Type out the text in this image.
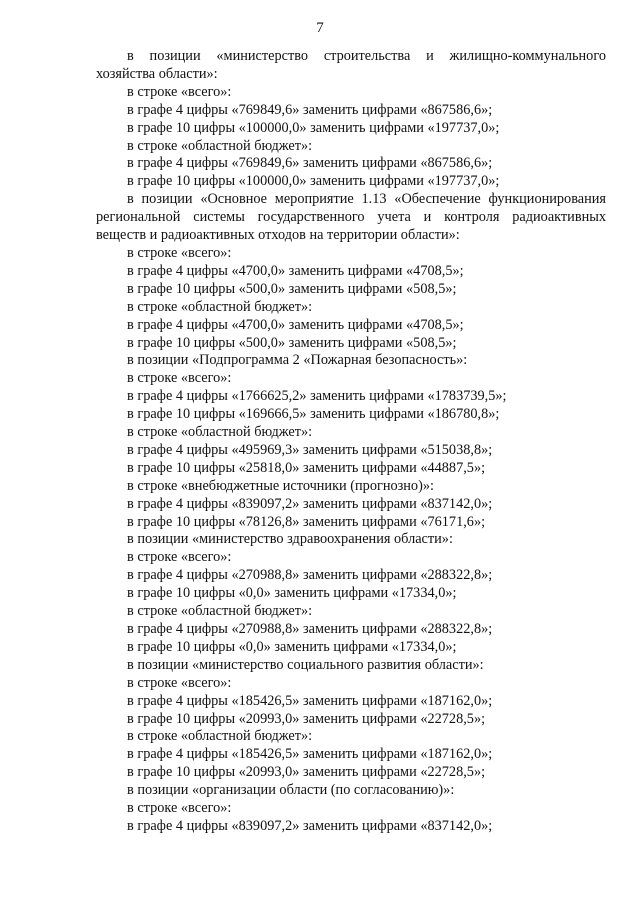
7
в позиции «министерство строительства и жилищно-коммунального
хозяйства области»:
в строке «всего»:
в графе 4 цифры «769849,6» заменить цифрами «867586,6»;
в графе 10 цифры «100000,0» заменить цифрами «197737,0»;
в строке «областной бюджет»:
в графе 4 цифры «769849,6» заменить цифрами «867586,6»;
в графе 10 цифры «100000,0» заменить цифрами «197737,0»;
в позиции «Основное мероприятие 1.13 «Обеспечение функционирования
региональной системы государственного учета и контроля радиоактивных
веществ и радиоактивных отходов на территории области»:
в строке «всего»:
в графе 4 цифры «4700,0» заменить цифрами «4708,5»;
в графе 10 цифры «500,0» заменить цифрами «508,5»;
в строке «областной бюджет»:
в графе 4 цифры «4700,0» заменить цифрами «4708,5»;
в графе 10 цифры «500,0» заменить цифрами «508,5»;
в позиции «Подпрограмма 2 «Пожарная безопасность»:
в строке «всего»:
в графе 4 цифры «1766625,2» заменить цифрами «1783739,5»;
в графе 10 цифры «169666,5» заменить цифрами «186780,8»;
в строке «областной бюджет»:
в графе 4 цифры «495969,3» заменить цифрами «515038,8»;
в графе 10 цифры «25818,0» заменить цифрами «44887,5»;
в строке «внебюджетные источники (прогнозно)»:
в графе 4 цифры «839097,2» заменить цифрами «837142,0»;
в графе 10 цифры «78126,8» заменить цифрами «76171,6»;
в позиции «министерство здравоохранения области»:
в строке «всего»:
в графе 4 цифры «270988,8» заменить цифрами «288322,8»;
в графе 10 цифры «0,0» заменить цифрами «17334,0»;
в строке «областной бюджет»:
в графе 4 цифры «270988,8» заменить цифрами «288322,8»;
в графе 10 цифры «0,0» заменить цифрами «17334,0»;
в позиции «министерство социального развития области»:
в строке «всего»:
в графе 4 цифры «185426,5» заменить цифрами «187162,0»;
в графе 10 цифры «20993,0» заменить цифрами «22728,5»;
в строке «областной бюджет»:
в графе 4 цифры «185426,5» заменить цифрами «187162,0»;
в графе 10 цифры «20993,0» заменить цифрами «22728,5»;
в позиции «организации области (по согласованию)»:
в строке «всего»:
в графе 4 цифры «839097,2» заменить цифрами «837142,0»;
